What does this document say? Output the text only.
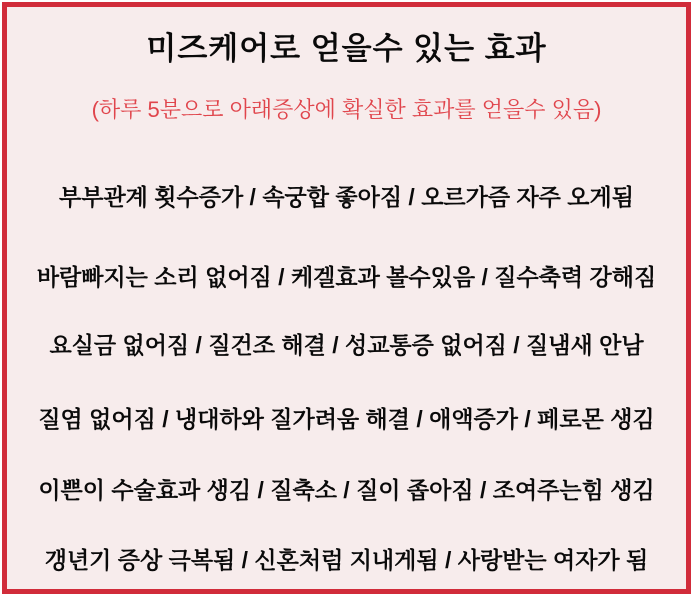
미즈케어로 얻을수 있는 효과
(하루 5분으로 아래증상에 확실한 효과를 얻을수 있음)
부부관계 횟수증가 / 속궁합 좋아짐 / 오르가즘 자주 오게됨
바람빠지는 소리 없어짐 / 케겔효과 볼수있음 / 질수축력 강해짐
요실금 없어짐 / 질건조 해결 / 성교통증 없어짐 / 질냄새 안남
질염 없어짐 / 냉대하와 질가려움 해결 / 애액증가 / 페로몬 생김
이쁜이 수술효과 생김 / 질축소 / 질이 좁아짐 / 조여주는힘 생김
갱년기 증상 극복됨 / 신혼처럼 지내게됨 / 사랑받는 여자가 됨
